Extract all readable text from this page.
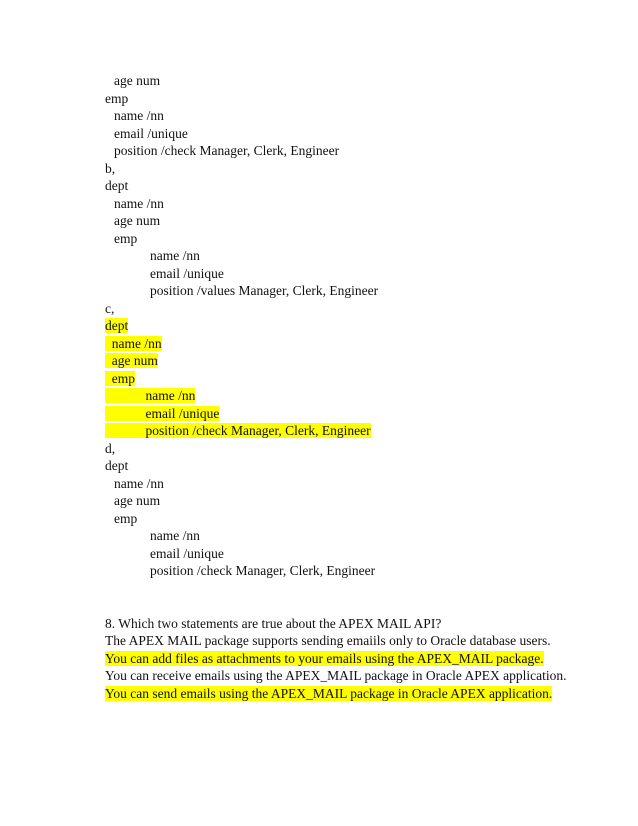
age num
emp
name /nn
email /unique
position /check Manager, Clerk, Engineer
b,
dept
name /nn
age num
emp
name /nn
email /unique
position /values Manager, Clerk, Engineer
c,
dept
name /nn
age num
emp
name /nn
email /unique
position /check Manager, Clerk, Engineer
d,
dept
name /nn
age num
emp
name /nn
email /unique
position /check Manager, Clerk, Engineer
8. Which two statements are true about the APEX MAIL API?
The APEX MAIL package supports sending emaiils only to Oracle database users.
You can add files as attachments to your emails using the APEX_MAIL package.
You can receive emails using the APEX_MAIL package in Oracle APEX application.
You can send emails using the APEX_MAIL package in Oracle APEX application.
